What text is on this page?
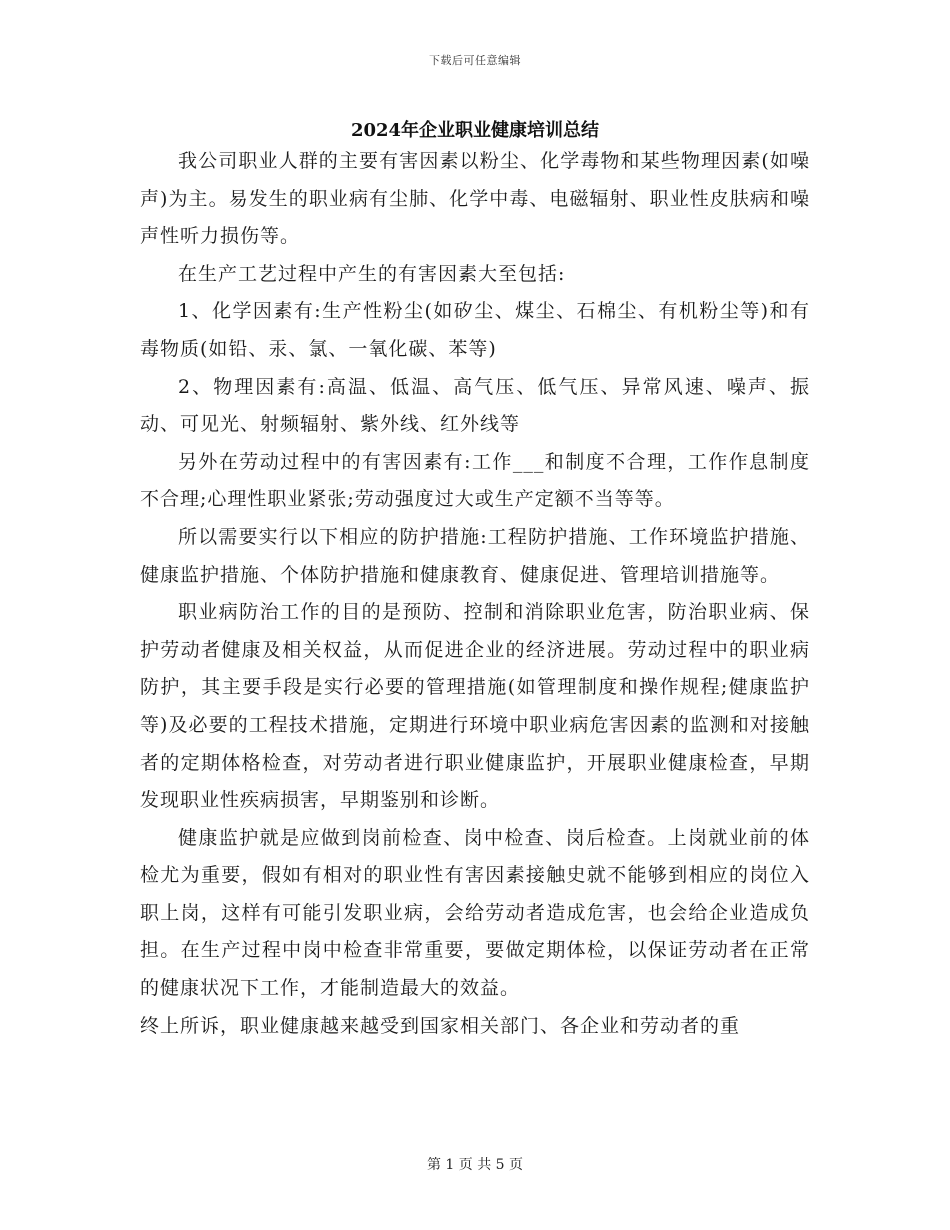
下载后可任意编辑
2024年企业职业健康培训总结

我公司职业人群的主要有害因素以粉尘、化学毒物和某些物理因素(如噪声)为主。易发生的职业病有尘肺、化学中毒、电磁辐射、职业性皮肤病和噪声性听力损伤等。

在生产工艺过程中产生的有害因素大至包括:

1、化学因素有:生产性粉尘(如矽尘、煤尘、石棉尘、有机粉尘等)和有毒物质(如铅、汞、氯、一氧化碳、苯等)

2、物理因素有:高温、低温、高气压、低气压、异常风速、噪声、振动、可见光、射频辐射、紫外线、红外线等

另外在劳动过程中的有害因素有:工作___和制度不合理，工作作息制度不合理;心理性职业紧张;劳动强度过大或生产定额不当等等。

所以需要实行以下相应的防护措施:工程防护措施、工作环境监护措施、健康监护措施、个体防护措施和健康教育、健康促进、管理培训措施等。

职业病防治工作的目的是预防、控制和消除职业危害，防治职业病、保护劳动者健康及相关权益，从而促进企业的经济进展。劳动过程中的职业病防护，其主要手段是实行必要的管理措施(如管理制度和操作规程;健康监护等)及必要的工程技术措施，定期进行环境中职业病危害因素的监测和对接触者的定期体格检查，对劳动者进行职业健康监护，开展职业健康检查，早期发现职业性疾病损害，早期鉴别和诊断。

健康监护就是应做到岗前检查、岗中检查、岗后检查。上岗就业前的体检尤为重要，假如有相对的职业性有害因素接触史就不能够到相应的岗位入职上岗，这样有可能引发职业病，会给劳动者造成危害，也会给企业造成负担。在生产过程中岗中检查非常重要，要做定期体检，以保证劳动者在正常的健康状况下工作，才能制造最大的效益。

终上所诉，职业健康越来越受到国家相关部门、各企业和劳动者的重

第 1 页 共 5 页
